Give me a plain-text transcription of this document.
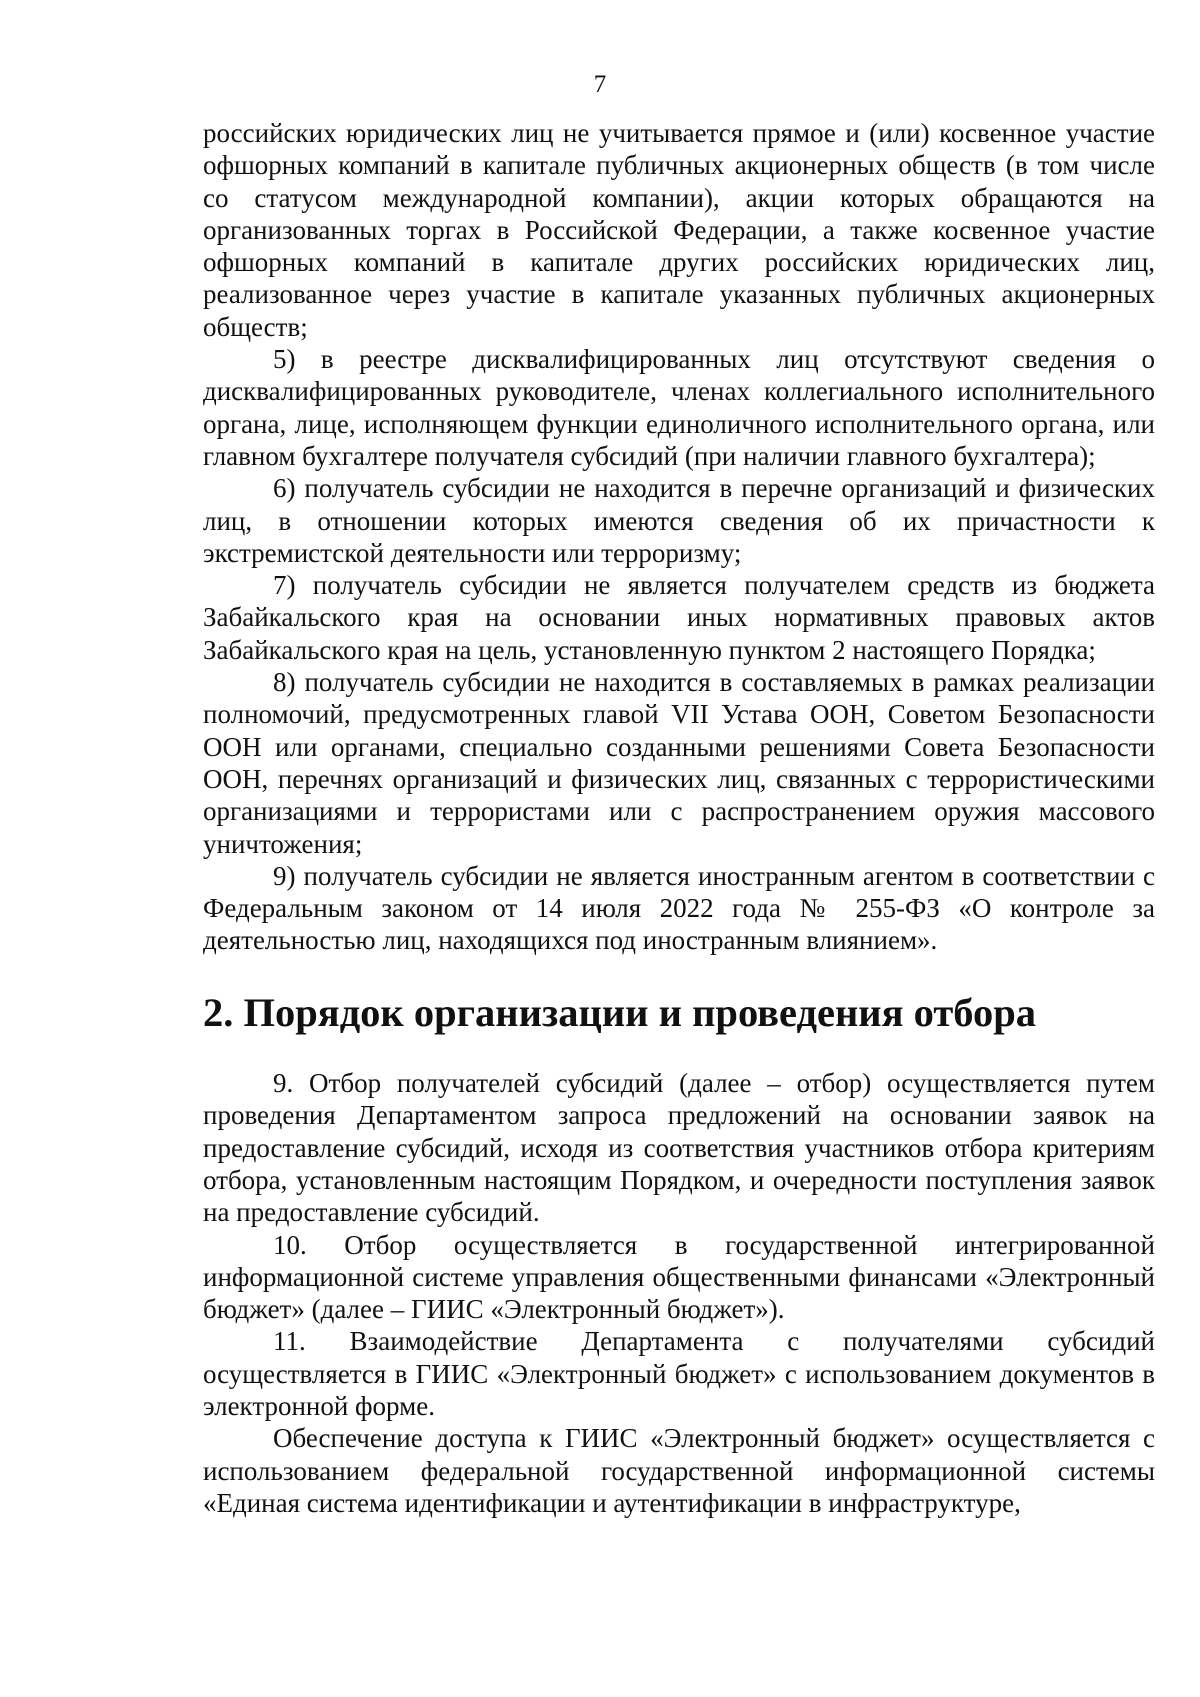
7

российских юридических лиц не учитывается прямое и (или) косвенное участие офшорных компаний в капитале публичных акционерных обществ (в том числе со статусом международной компании), акции которых обращаются на организованных торгах в Российской Федерации, а также косвенное участие офшорных компаний в капитале других российских юридических лиц, реализованное через участие в капитале указанных публичных акционерных обществ;

5) в реестре дисквалифицированных лиц отсутствуют сведения о дисквалифицированных руководителе, членах коллегиального исполнительного органа, лице, исполняющем функции единоличного исполнительного органа, или главном бухгалтере получателя субсидий (при наличии главного бухгалтера);

6) получатель субсидии не находится в перечне организаций и физических лиц, в отношении которых имеются сведения об их причастности к экстремистской деятельности или терроризму;

7) получатель субсидии не является получателем средств из бюджета Забайкальского края на основании иных нормативных правовых актов Забайкальского края на цель, установленную пунктом 2 настоящего Порядка;

8) получатель субсидии не находится в составляемых в рамках реализации полномочий, предусмотренных главой VII Устава ООН, Советом Безопасности ООН или органами, специально созданными решениями Совета Безопасности ООН, перечнях организаций и физических лиц, связанных с террористическими организациями и террористами или с распространением оружия массового уничтожения;

9) получатель субсидии не является иностранным агентом в соответствии с Федеральным законом от 14 июля 2022 года № 255-ФЗ «О контроле за деятельностью лиц, находящихся под иностранным влиянием».

2. Порядок организации и проведения отбора

9. Отбор получателей субсидий (далее – отбор) осуществляется путем проведения Департаментом запроса предложений на основании заявок на предоставление субсидий, исходя из соответствия участников отбора критериям отбора, установленным настоящим Порядком, и очередности поступления заявок на предоставление субсидий.

10. Отбор осуществляется в государственной интегрированной информационной системе управления общественными финансами «Электронный бюджет» (далее – ГИИС «Электронный бюджет»).

11. Взаимодействие Департамента с получателями субсидий осуществляется в ГИИС «Электронный бюджет» с использованием документов в электронной форме.

Обеспечение доступа к ГИИС «Электронный бюджет» осуществляется с использованием федеральной государственной информационной системы «Единая система идентификации и аутентификации в инфраструктуре,
